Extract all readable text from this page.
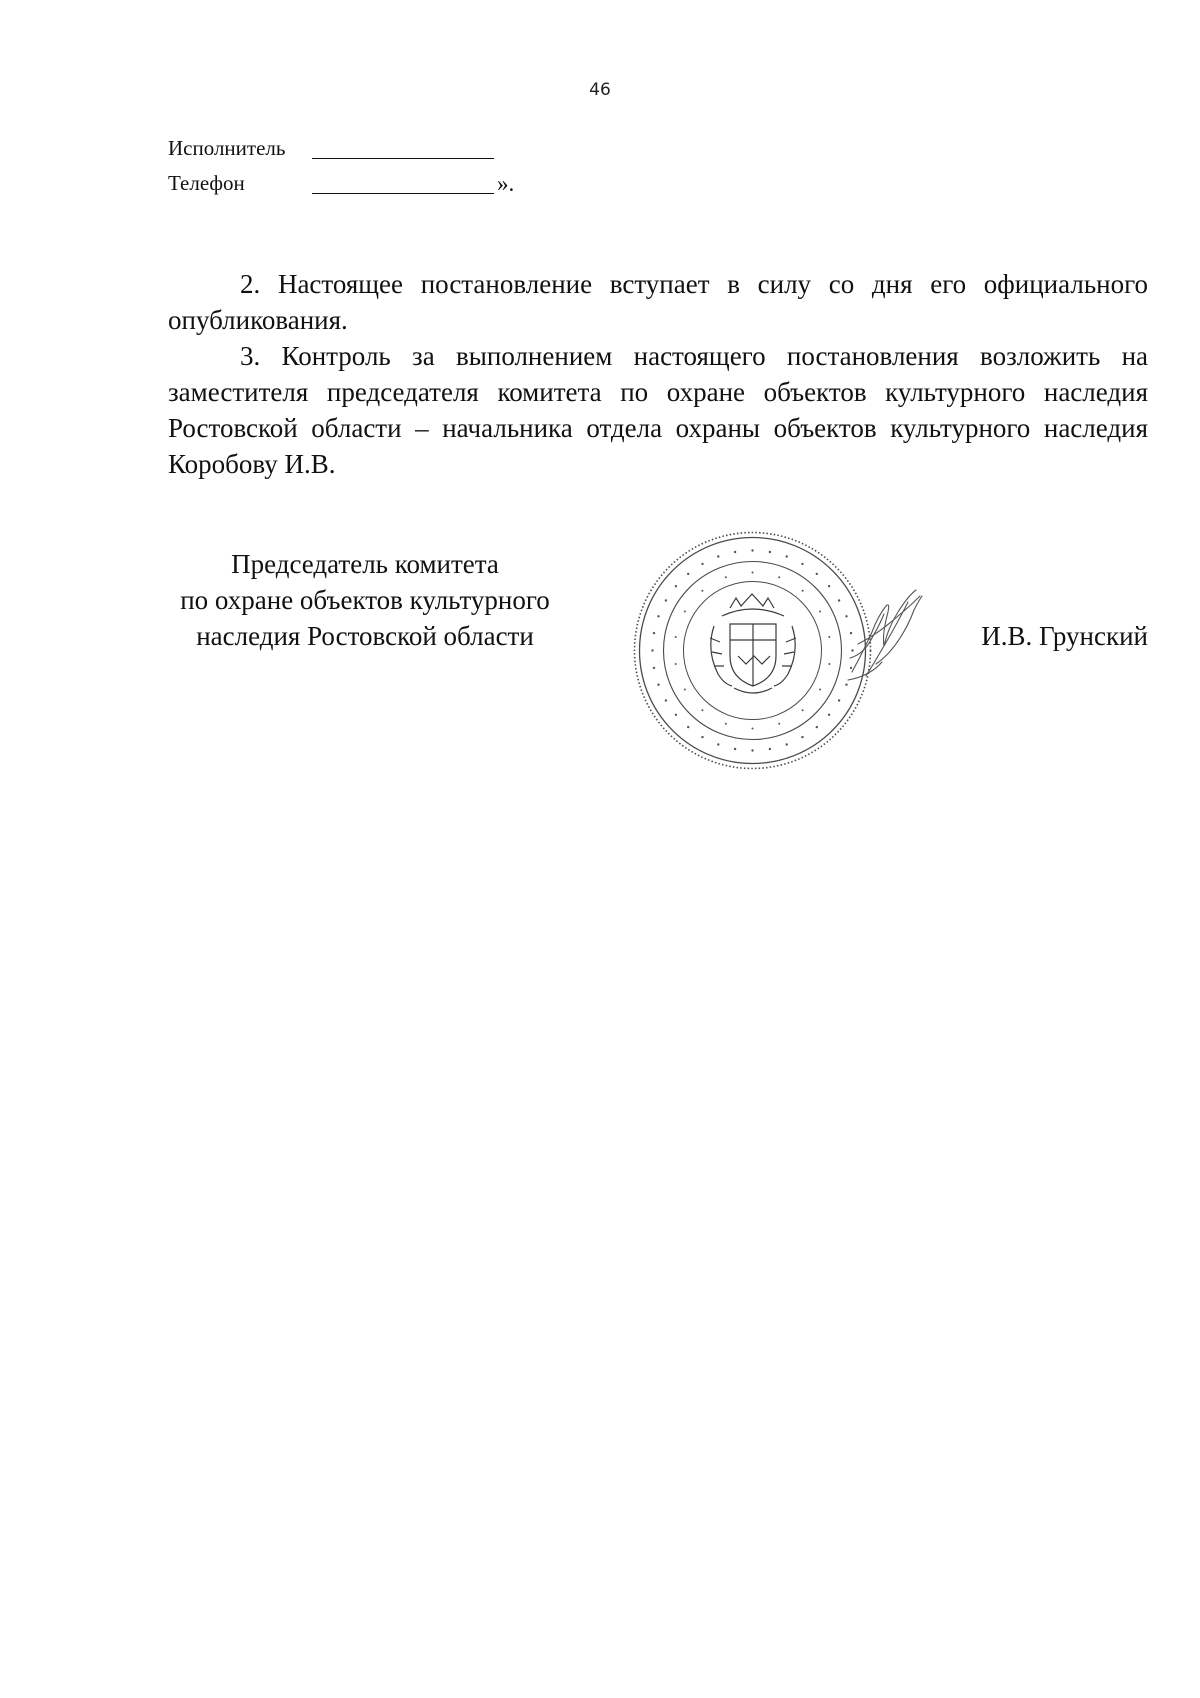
46
Исполнитель
Телефон	».

2. Настоящее постановление вступает в силу со дня его официального опубликования.

3. Контроль за выполнением настоящего постановления возложить на заместителя председателя комитета по охране объектов культурного наследия Ростовской области – начальника отдела охраны объектов культурного наследия Коробову И.В.

Председатель комитета
по охране объектов культурного
наследия Ростовской области	И.В. Грунский
